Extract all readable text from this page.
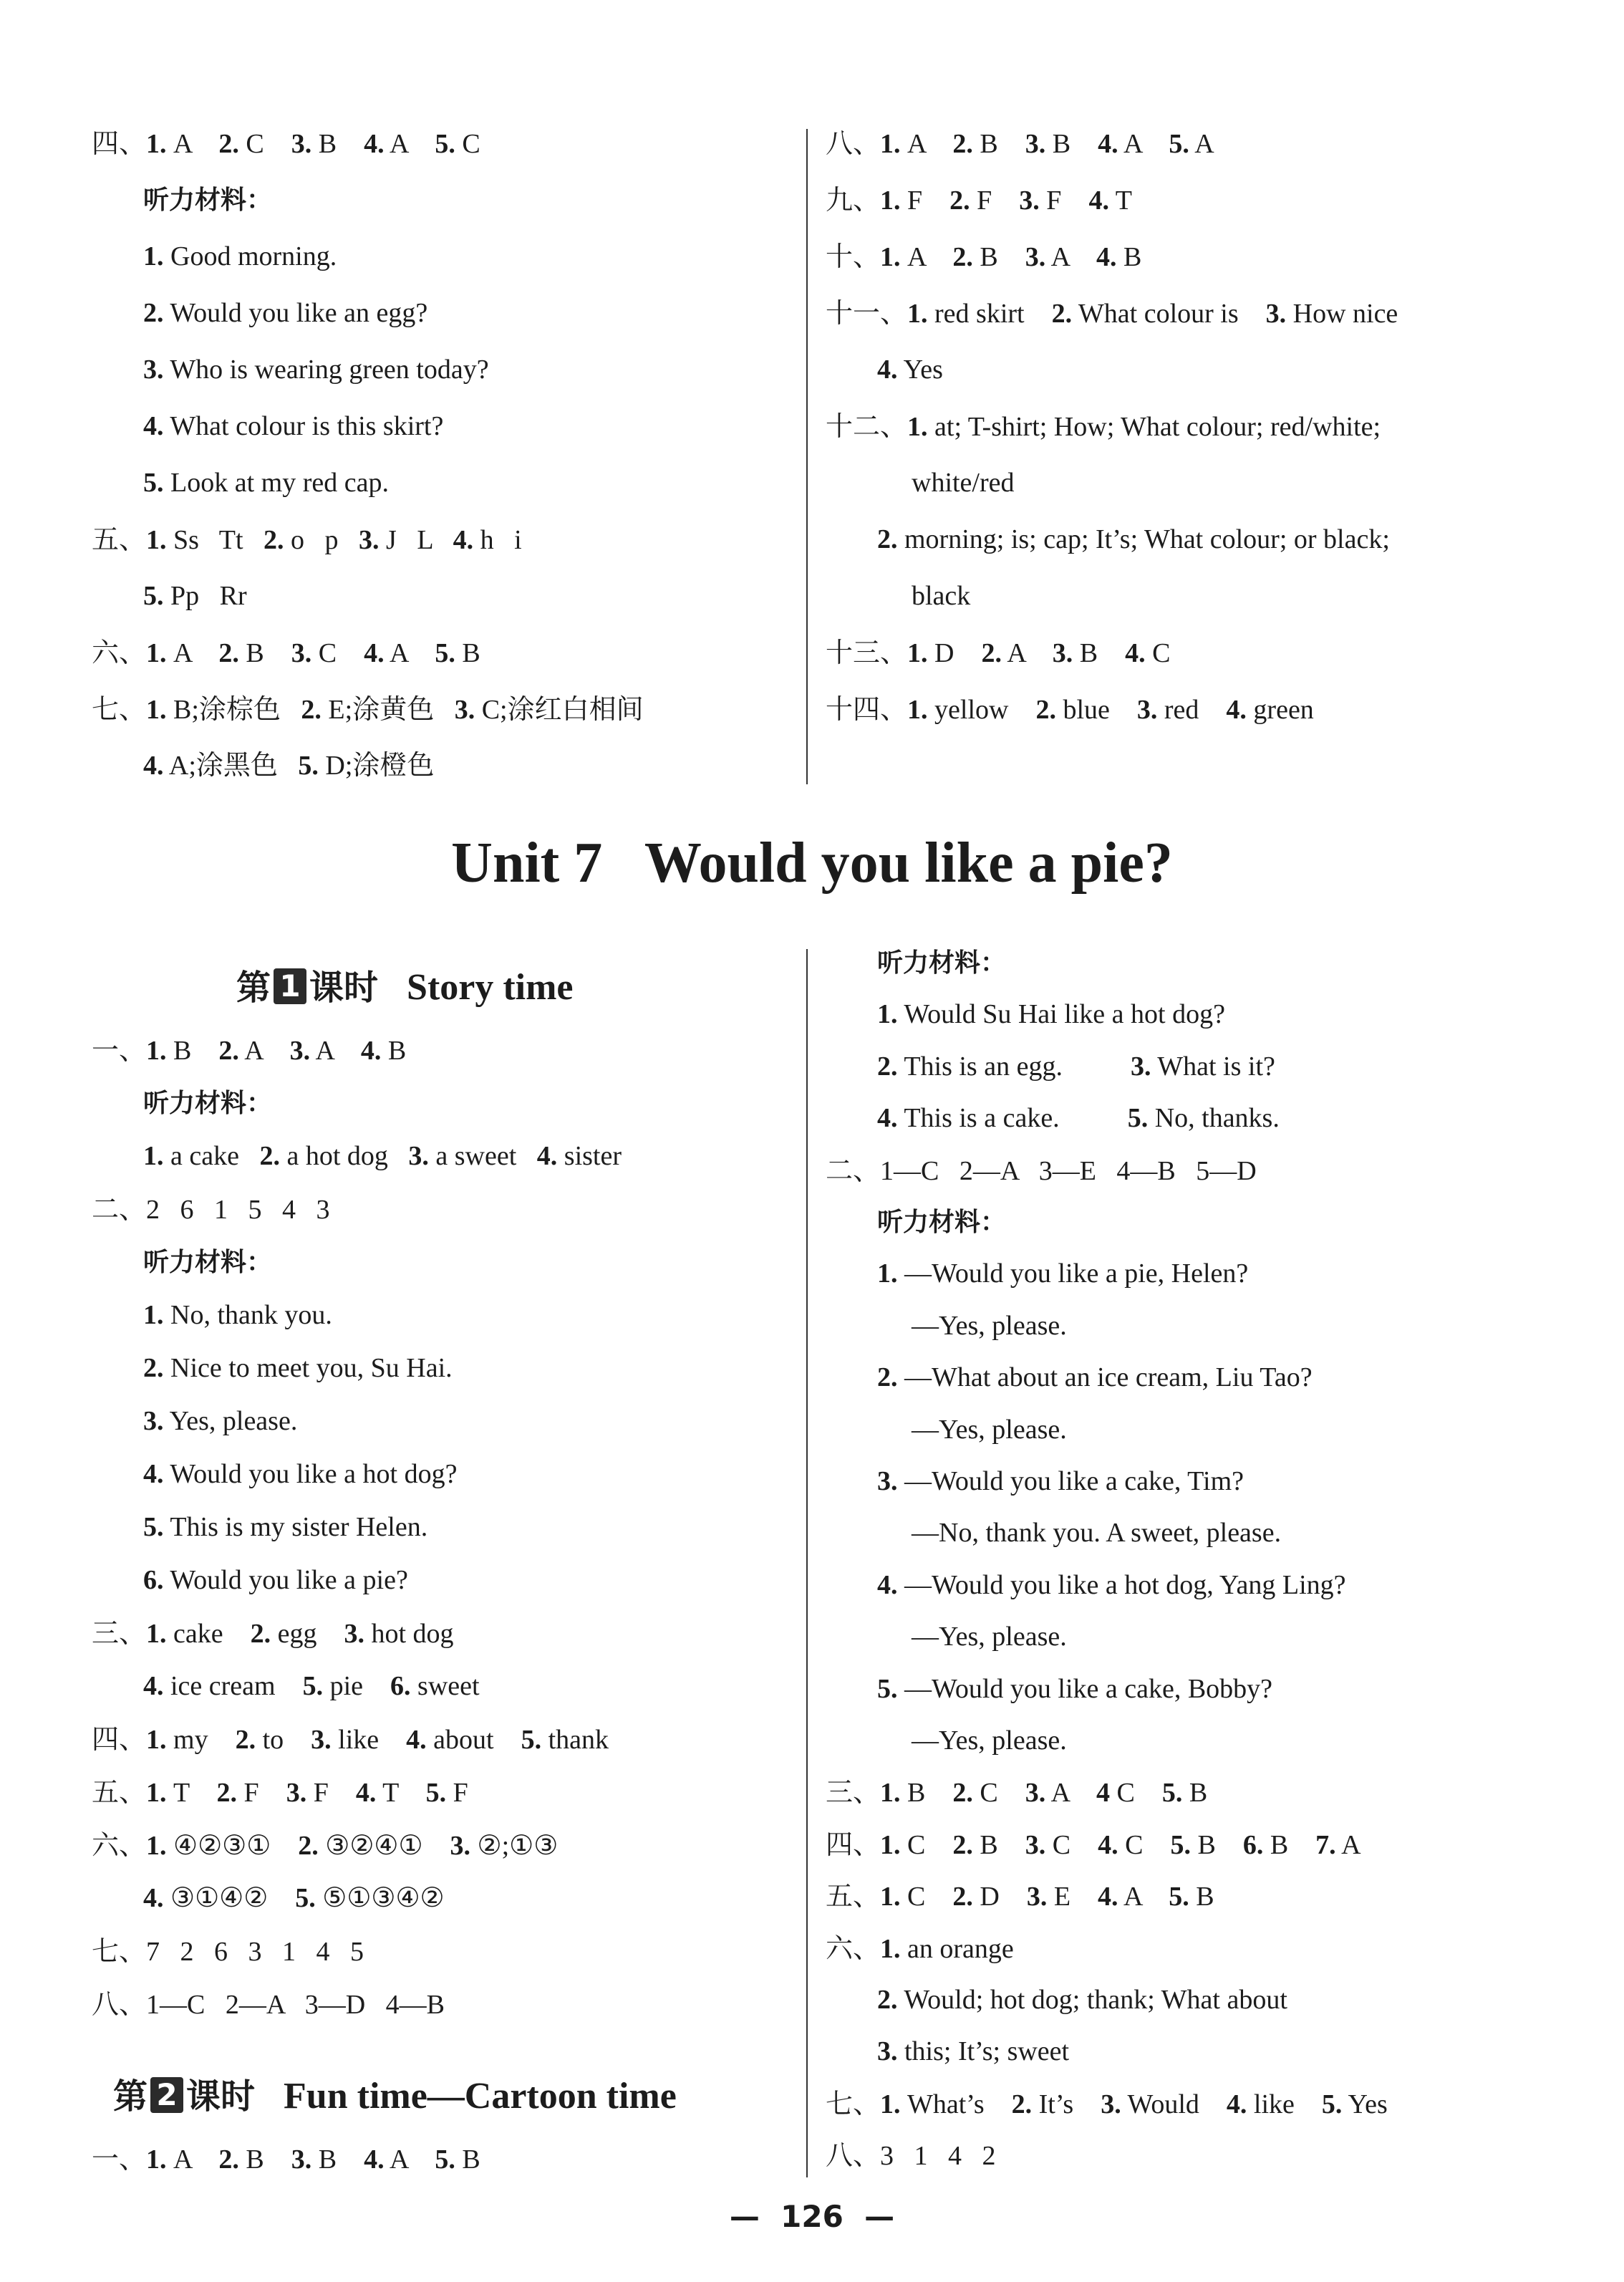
四、1. A    2. C    3. B    4. A    5. C
听力材料：
1. Good morning.
2. Would you like an egg?
3. Who is wearing green today?
4. What colour is this skirt?
5. Look at my red cap.
五、1. Ss   Tt   2. o   p   3. J   L   4. h   i
5. Pp   Rr
六、1. A    2. B    3. C    4. A    5. B
七、1. B;涂棕色   2. E;涂黄色   3. C;涂红白相间
4. A;涂黑色   5. D;涂橙色
八、1. A    2. B    3. B    4. A    5. A
九、1. F    2. F    3. F    4. T
十、1. A    2. B    3. A    4. B
十一、1. red skirt    2. What colour is    3. How nice
4. Yes
十二、1. at; T-shirt; How; What colour; red/white;
white/red
2. morning; is; cap; It’s; What colour; or black;
black
十三、1. D    2. A    3. B    4. C
十四、1. yellow    2. blue    3. red    4. green
Unit 7   Would you like a pie?
第 1 课时 Story time
一、1. B    2. A    3. A    4. B
听力材料：
1. a cake   2. a hot dog   3. a sweet   4. sister
二、2   6   1   5   4   3
听力材料：
1. No, thank you.
2. Nice to meet you, Su Hai.
3. Yes, please.
4. Would you like a hot dog?
5. This is my sister Helen.
6. Would you like a pie?
三、1. cake    2. egg    3. hot dog
4. ice cream    5. pie    6. sweet
四、1. my    2. to    3. like    4. about    5. thank
五、1. T    2. F    3. F    4. T    5. F
六、1. ④②③①    2. ③②④①    3. ②;①③
4. ③①④②    5. ⑤①③④②
七、7   2   6   3   1   4   5
八、1—C   2—A   3—D   4—B
第 2 课时 Fun time—Cartoon time
一、1. A    2. B    3. B    4. A    5. B
听力材料：
1. Would Su Hai like a hot dog?
2. This is an egg.          3. What is it?
4. This is a cake.          5. No, thanks.
二、1—C   2—A   3—E   4—B   5—D
听力材料：
1. —Would you like a pie, Helen?
—Yes, please.
2. —What about an ice cream, Liu Tao?
—Yes, please.
3. —Would you like a cake, Tim?
—No, thank you. A sweet, please.
4. —Would you like a hot dog, Yang Ling?
—Yes, please.
5. —Would you like a cake, Bobby?
—Yes, please.
三、1. B    2. C    3. A    4 C    5. B
四、1. C    2. B    3. C    4. C    5. B    6. B    7. A
五、1. C    2. D    3. E    4. A    5. B
六、1. an orange
2. Would; hot dog; thank; What about
3. this; It’s; sweet
七、1. What’s    2. It’s    3. Would    4. like    5. Yes
八、3   1   4   2
—  126  —
